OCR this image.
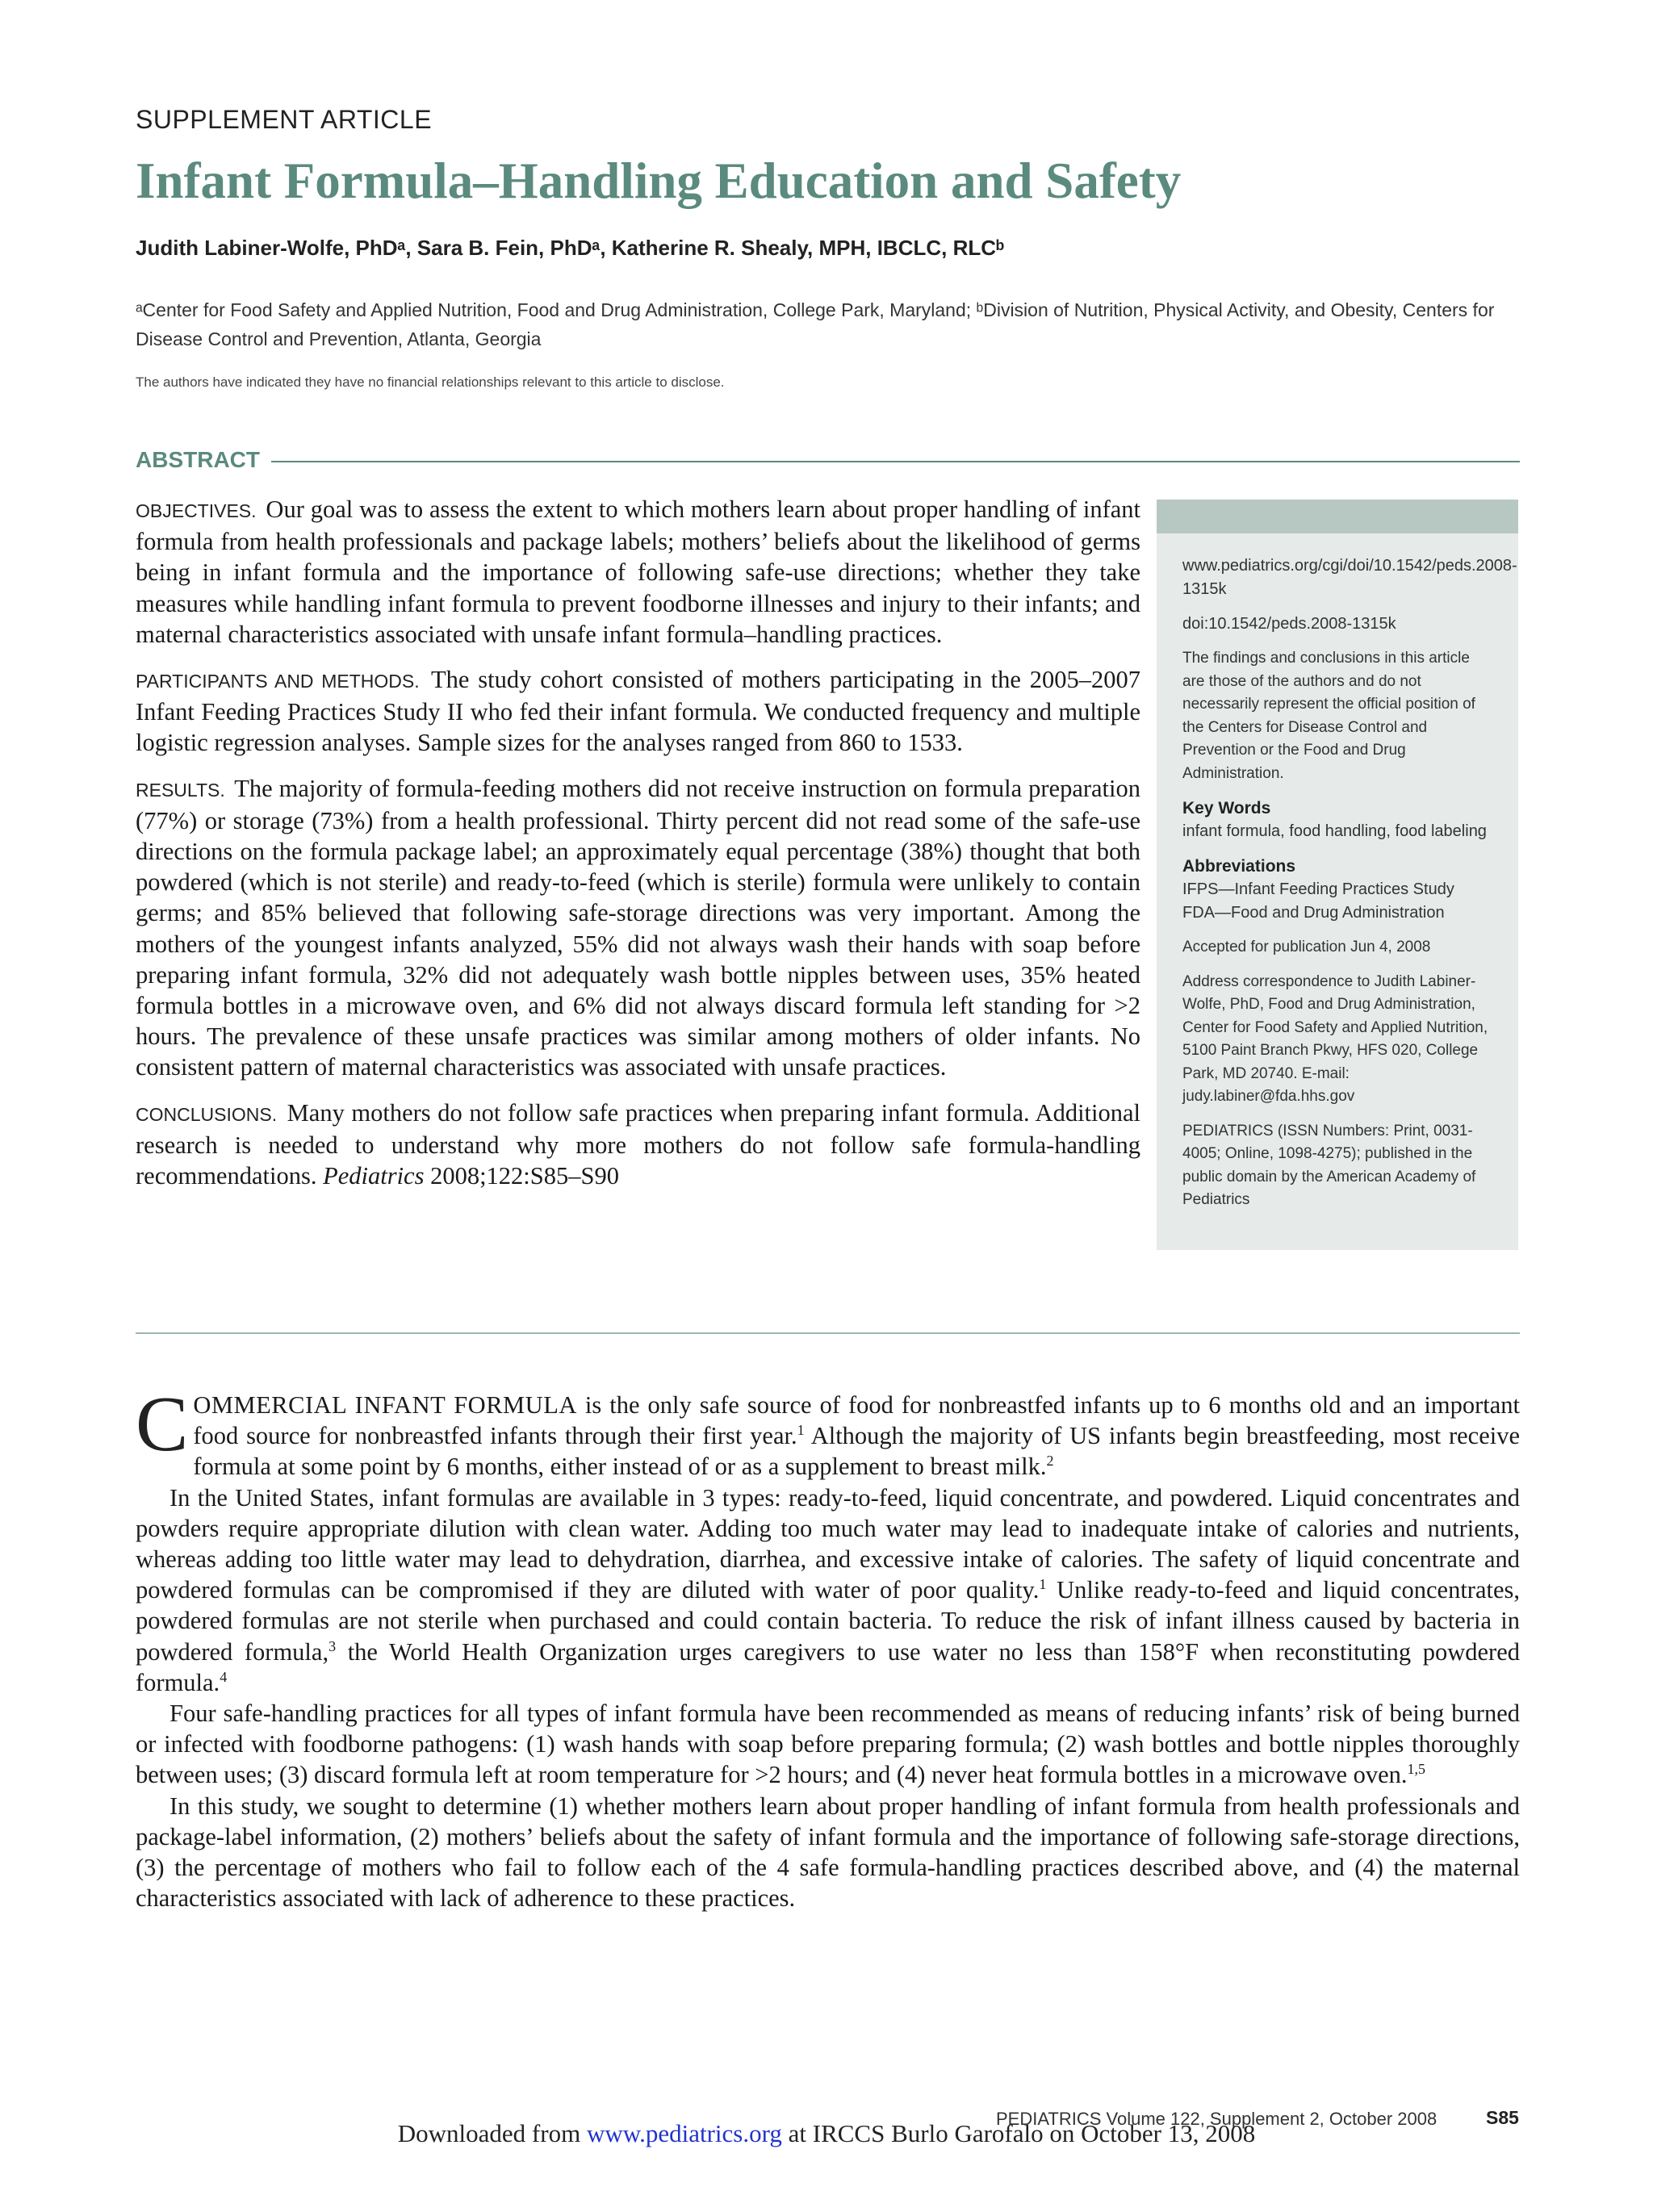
SUPPLEMENT ARTICLE
Infant Formula–Handling Education and Safety
Judith Labiner-Wolfe, PhDᵃ, Sara B. Fein, PhDᵃ, Katherine R. Shealy, MPH, IBCLC, RLCᵇ
ᵃCenter for Food Safety and Applied Nutrition, Food and Drug Administration, College Park, Maryland; ᵇDivision of Nutrition, Physical Activity, and Obesity, Centers for Disease Control and Prevention, Atlanta, Georgia
The authors have indicated they have no financial relationships relevant to this article to disclose.
ABSTRACT

OBJECTIVES. Our goal was to assess the extent to which mothers learn about proper handling of infant formula from health professionals and package labels; mothers’ beliefs about the likelihood of germs being in infant formula and the importance of following safe-use directions; whether they take measures while handling infant formula to prevent foodborne illnesses and injury to their infants; and maternal characteristics associated with unsafe infant formula–handling practices.

PARTICIPANTS AND METHODS. The study cohort consisted of mothers participating in the 2005–2007 Infant Feeding Practices Study II who fed their infant formula. We conducted frequency and multiple logistic regression analyses. Sample sizes for the analyses ranged from 860 to 1533.

RESULTS. The majority of formula-feeding mothers did not receive instruction on formula preparation (77%) or storage (73%) from a health professional. Thirty percent did not read some of the safe-use directions on the formula package label; an approximately equal percentage (38%) thought that both powdered (which is not sterile) and ready-to-feed (which is sterile) formula were unlikely to contain germs; and 85% believed that following safe-storage directions was very important. Among the mothers of the youngest infants analyzed, 55% did not always wash their hands with soap before preparing infant formula, 32% did not adequately wash bottle nipples between uses, 35% heated formula bottles in a microwave oven, and 6% did not always discard formula left standing for >2 hours. The prevalence of these unsafe practices was similar among mothers of older infants. No consistent pattern of maternal characteristics was associated with unsafe practices.

CONCLUSIONS. Many mothers do not follow safe practices when preparing infant formula. Additional research is needed to understand why more mothers do not follow safe formula-handling recommendations. Pediatrics 2008;122:S85–S90

www.pediatrics.org/cgi/doi/10.1542/peds.2008-1315k
doi:10.1542/peds.2008-1315k
The findings and conclusions in this article are those of the authors and do not necessarily represent the official position of the Centers for Disease Control and Prevention or the Food and Drug Administration.
Key Words
infant formula, food handling, food labeling
Abbreviations
IFPS—Infant Feeding Practices Study
FDA—Food and Drug Administration
Accepted for publication Jun 4, 2008
Address correspondence to Judith Labiner-Wolfe, PhD, Food and Drug Administration, Center for Food Safety and Applied Nutrition, 5100 Paint Branch Pkwy, HFS 020, College Park, MD 20740. E-mail: judy.labiner@fda.hhs.gov
PEDIATRICS (ISSN Numbers: Print, 0031-4005; Online, 1098-4275); published in the public domain by the American Academy of Pediatrics

COMMERCIAL INFANT FORMULA is the only safe source of food for nonbreastfed infants up to 6 months old and an important food source for nonbreastfed infants through their first year.$^1$ Although the majority of US infants begin breastfeeding, most receive formula at some point by 6 months, either instead of or as a supplement to breast milk.$^2$

In the United States, infant formulas are available in 3 types: ready-to-feed, liquid concentrate, and powdered. Liquid concentrates and powders require appropriate dilution with clean water. Adding too much water may lead to inadequate intake of calories and nutrients, whereas adding too little water may lead to dehydration, diarrhea, and excessive intake of calories. The safety of liquid concentrate and powdered formulas can be compromised if they are diluted with water of poor quality.$^1$ Unlike ready-to-feed and liquid concentrates, powdered formulas are not sterile when purchased and could contain bacteria. To reduce the risk of infant illness caused by bacteria in powdered formula,$^3$ the World Health Organization urges caregivers to use water no less than 158°F when reconstituting powdered formula.$^4$

Four safe-handling practices for all types of infant formula have been recommended as means of reducing infants’ risk of being burned or infected with foodborne pathogens: (1) wash hands with soap before preparing formula; (2) wash bottles and bottle nipples thoroughly between uses; (3) discard formula left at room temperature for >2 hours; and (4) never heat formula bottles in a microwave oven.$^{1,5}$

In this study, we sought to determine (1) whether mothers learn about proper handling of infant formula from health professionals and package-label information, (2) mothers’ beliefs about the safety of infant formula and the importance of following safe-storage directions, (3) the percentage of mothers who fail to follow each of the 4 safe formula-handling practices described above, and (4) the maternal characteristics associated with lack of adherence to these practices.

PEDIATRICS Volume 122, Supplement 2, October 2008	S85
Downloaded from www.pediatrics.org at IRCCS Burlo Garofalo on October 13, 2008
